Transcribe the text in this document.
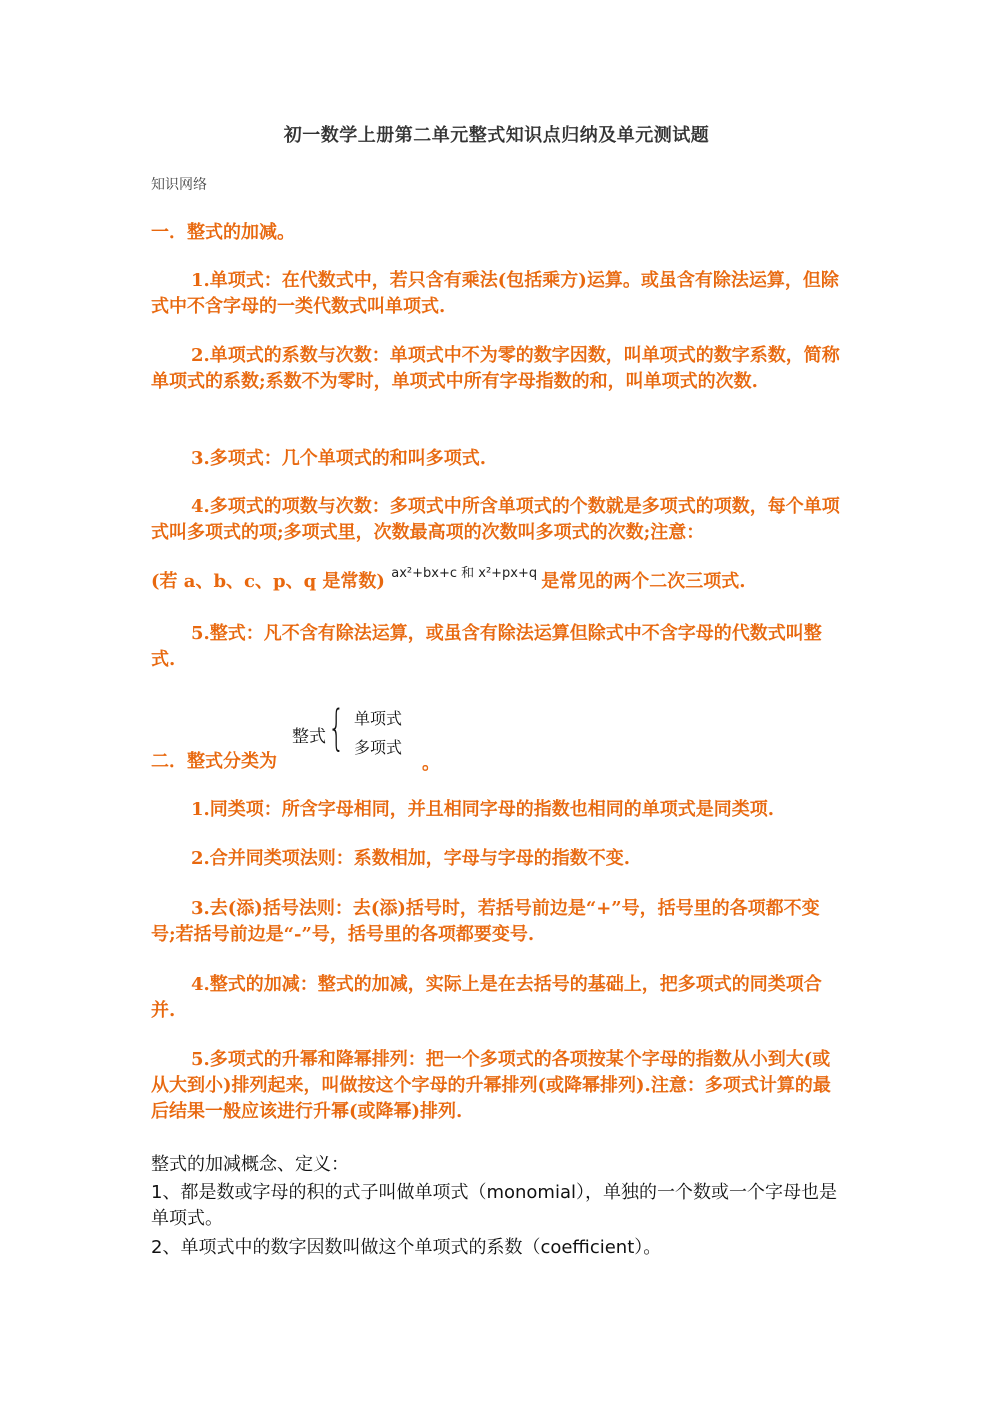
初一数学上册第二单元整式知识点归纳及单元测试题
知识网络
一．整式的加减。
1.单项式：在代数式中，若只含有乘法(包括乘方)运算。或虽含有除法运算，但除式中不含字母的一类代数式叫单项式.
2.单项式的系数与次数：单项式中不为零的数字因数，叫单项式的数字系数，简称单项式的系数;系数不为零时，单项式中所有字母指数的和，叫单项式的次数.
3.多项式：几个单项式的和叫多项式.
4.多项式的项数与次数：多项式中所含单项式的个数就是多项式的项数，每个单项式叫多项式的项;多项式里，次数最高项的次数叫多项式的次数;注意：
(若 a、b、c、p、q 是常数) ax²+bx+c 和 x²+px+q 是常见的两个二次三项式.
5.整式：凡不含有除法运算，或虽含有除法运算但除式中不含字母的代数式叫整式.
二．整式分类为
整式 { 单项式
多项式
。
1.同类项：所含字母相同，并且相同字母的指数也相同的单项式是同类项.
2.合并同类项法则：系数相加，字母与字母的指数不变.
3.去(添)括号法则：去(添)括号时，若括号前边是“+”号，括号里的各项都不变号;若括号前边是“-”号，括号里的各项都要变号.
4.整式的加减：整式的加减，实际上是在去括号的基础上，把多项式的同类项合并.
5.多项式的升幂和降幂排列：把一个多项式的各项按某个字母的指数从小到大(或从大到小)排列起来，叫做按这个字母的升幂排列(或降幂排列).注意：多项式计算的最后结果一般应该进行升幂(或降幂)排列.
整式的加减概念、定义：
1、都是数或字母的积的式子叫做单项式（monomial），单独的一个数或一个字母也是单项式。
2、单项式中的数字因数叫做这个单项式的系数（coefficient）。
